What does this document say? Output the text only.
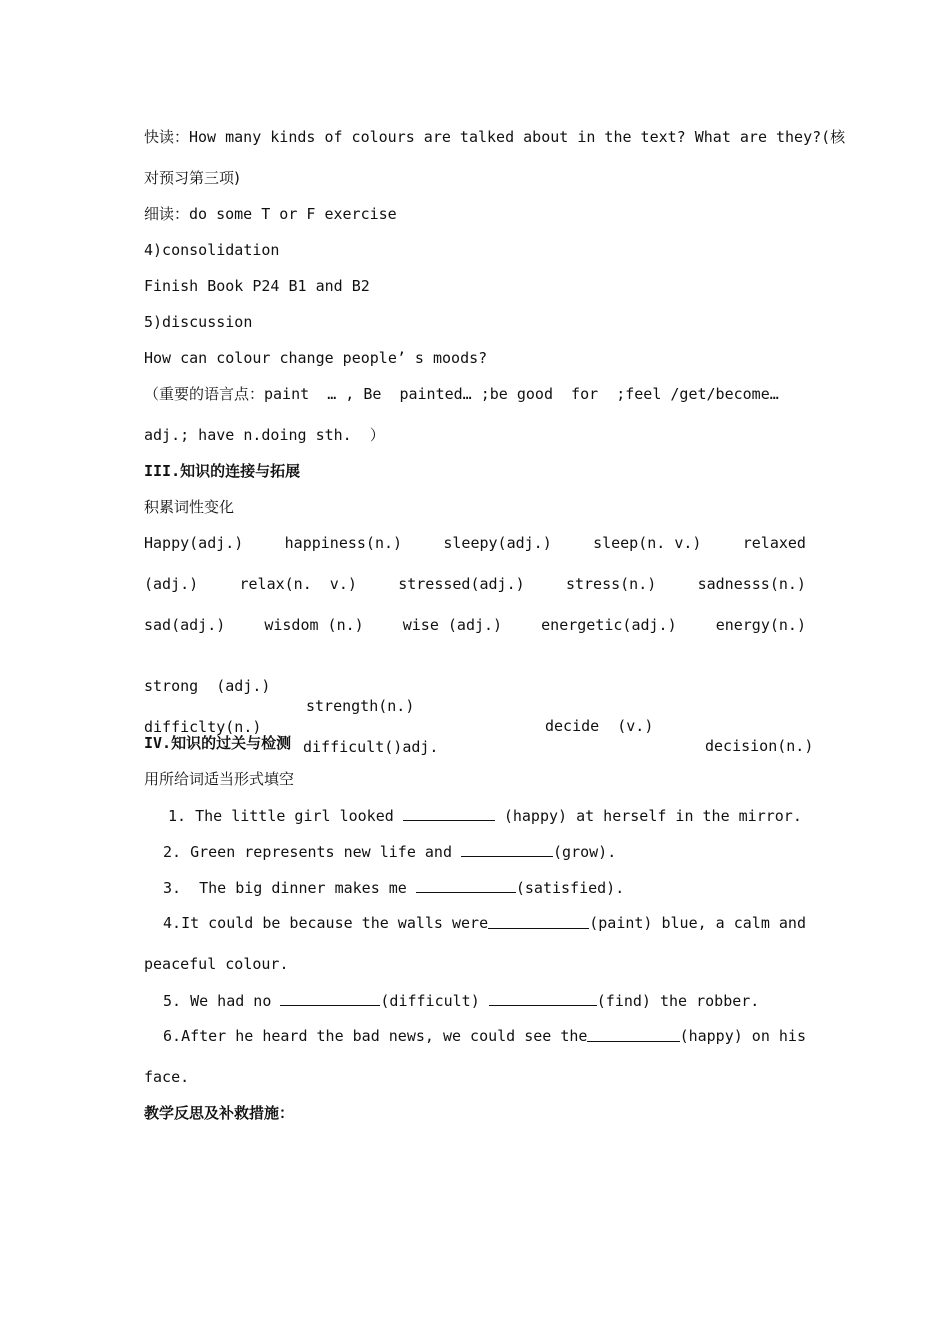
快读：How many kinds of colours are talked about in the text? What are they?(核
对预习第三项)
细读：do some T or F exercise
4)consolidation
Finish Book P24 B1 and B2
5)discussion
How can colour change people’ s moods?
（重要的语言点：paint  … , Be  painted… ;be good  for  ;feel /get/become…
adj.; have n.doing sth.  ）
III.知识的连接与拓展
积累词性变化
Happy(adj.)	happiness(n.)	sleepy(adj.)	sleep(n. v.)	relaxed
(adj.)	relax(n.  v.)	stressed(adj.)	stress(n.)	sadnesss(n.)
sad(adj.)	wisdom (n.)	wise (adj.)	energetic(adj.)	energy(n.)

strong  (adj.)

strength(n.)

decide  (v.)

decision(n.)

difficlty(n.)

difficult()adj.

IV.知识的过关与检测
用所给词适当形式填空
1. The little girl looked	(happy) at herself in the mirror.
2. Green represents new life and	(grow).
3. The big dinner makes me	(satisfied).
4. It could be because the walls were	(paint) blue, a calm and
peaceful colour.
5. We had no	(difficult)	(find) the robber.
6. After he heard the bad news, we could see the	(happy) on his
face.
教学反思及补救措施：
